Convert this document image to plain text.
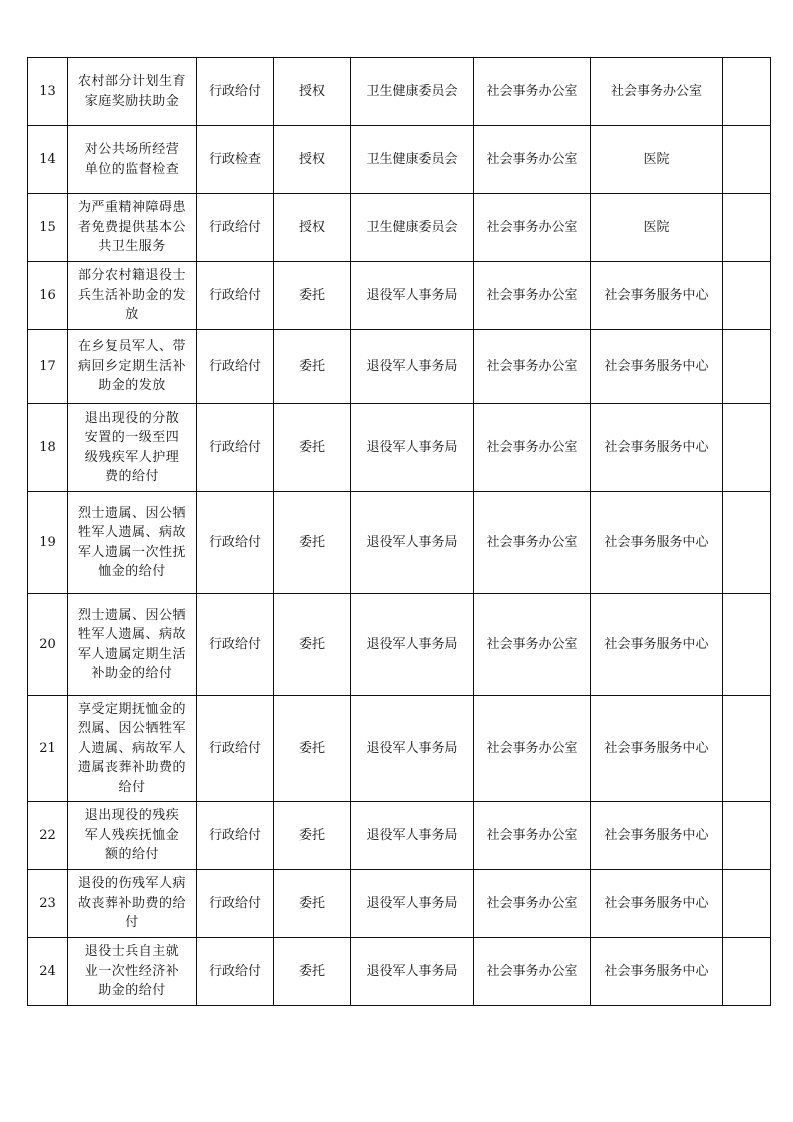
13	农村部分计划生育家庭奖励扶助金	行政给付	授权	卫生健康委员会	社会事务办公室	社会事务办公室	
14	对公共场所经营单位的监督检查	行政检查	授权	卫生健康委员会	社会事务办公室	医院	
15	为严重精神障碍患者免费提供基本公共卫生服务	行政给付	授权	卫生健康委员会	社会事务办公室	医院	
16	部分农村籍退役士兵生活补助金的发放	行政给付	委托	退役军人事务局	社会事务办公室	社会事务服务中心	
17	在乡复员军人、带病回乡定期生活补助金的发放	行政给付	委托	退役军人事务局	社会事务办公室	社会事务服务中心	
18	退出现役的分散安置的一级至四级残疾军人护理费的给付	行政给付	委托	退役军人事务局	社会事务办公室	社会事务服务中心	
19	烈士遗属、因公牺牲军人遗属、病故军人遗属一次性抚恤金的给付	行政给付	委托	退役军人事务局	社会事务办公室	社会事务服务中心	
20	烈士遗属、因公牺牲军人遗属、病故军人遗属定期生活补助金的给付	行政给付	委托	退役军人事务局	社会事务办公室	社会事务服务中心	
21	享受定期抚恤金的烈属、因公牺牲军人遗属、病故军人遗属丧葬补助费的给付	行政给付	委托	退役军人事务局	社会事务办公室	社会事务服务中心	
22	退出现役的残疾军人残疾抚恤金额的给付	行政给付	委托	退役军人事务局	社会事务办公室	社会事务服务中心	
23	退役的伤残军人病故丧葬补助费的给付	行政给付	委托	退役军人事务局	社会事务办公室	社会事务服务中心	
24	退役士兵自主就业一次性经济补助金的给付	行政给付	委托	退役军人事务局	社会事务办公室	社会事务服务中心	
